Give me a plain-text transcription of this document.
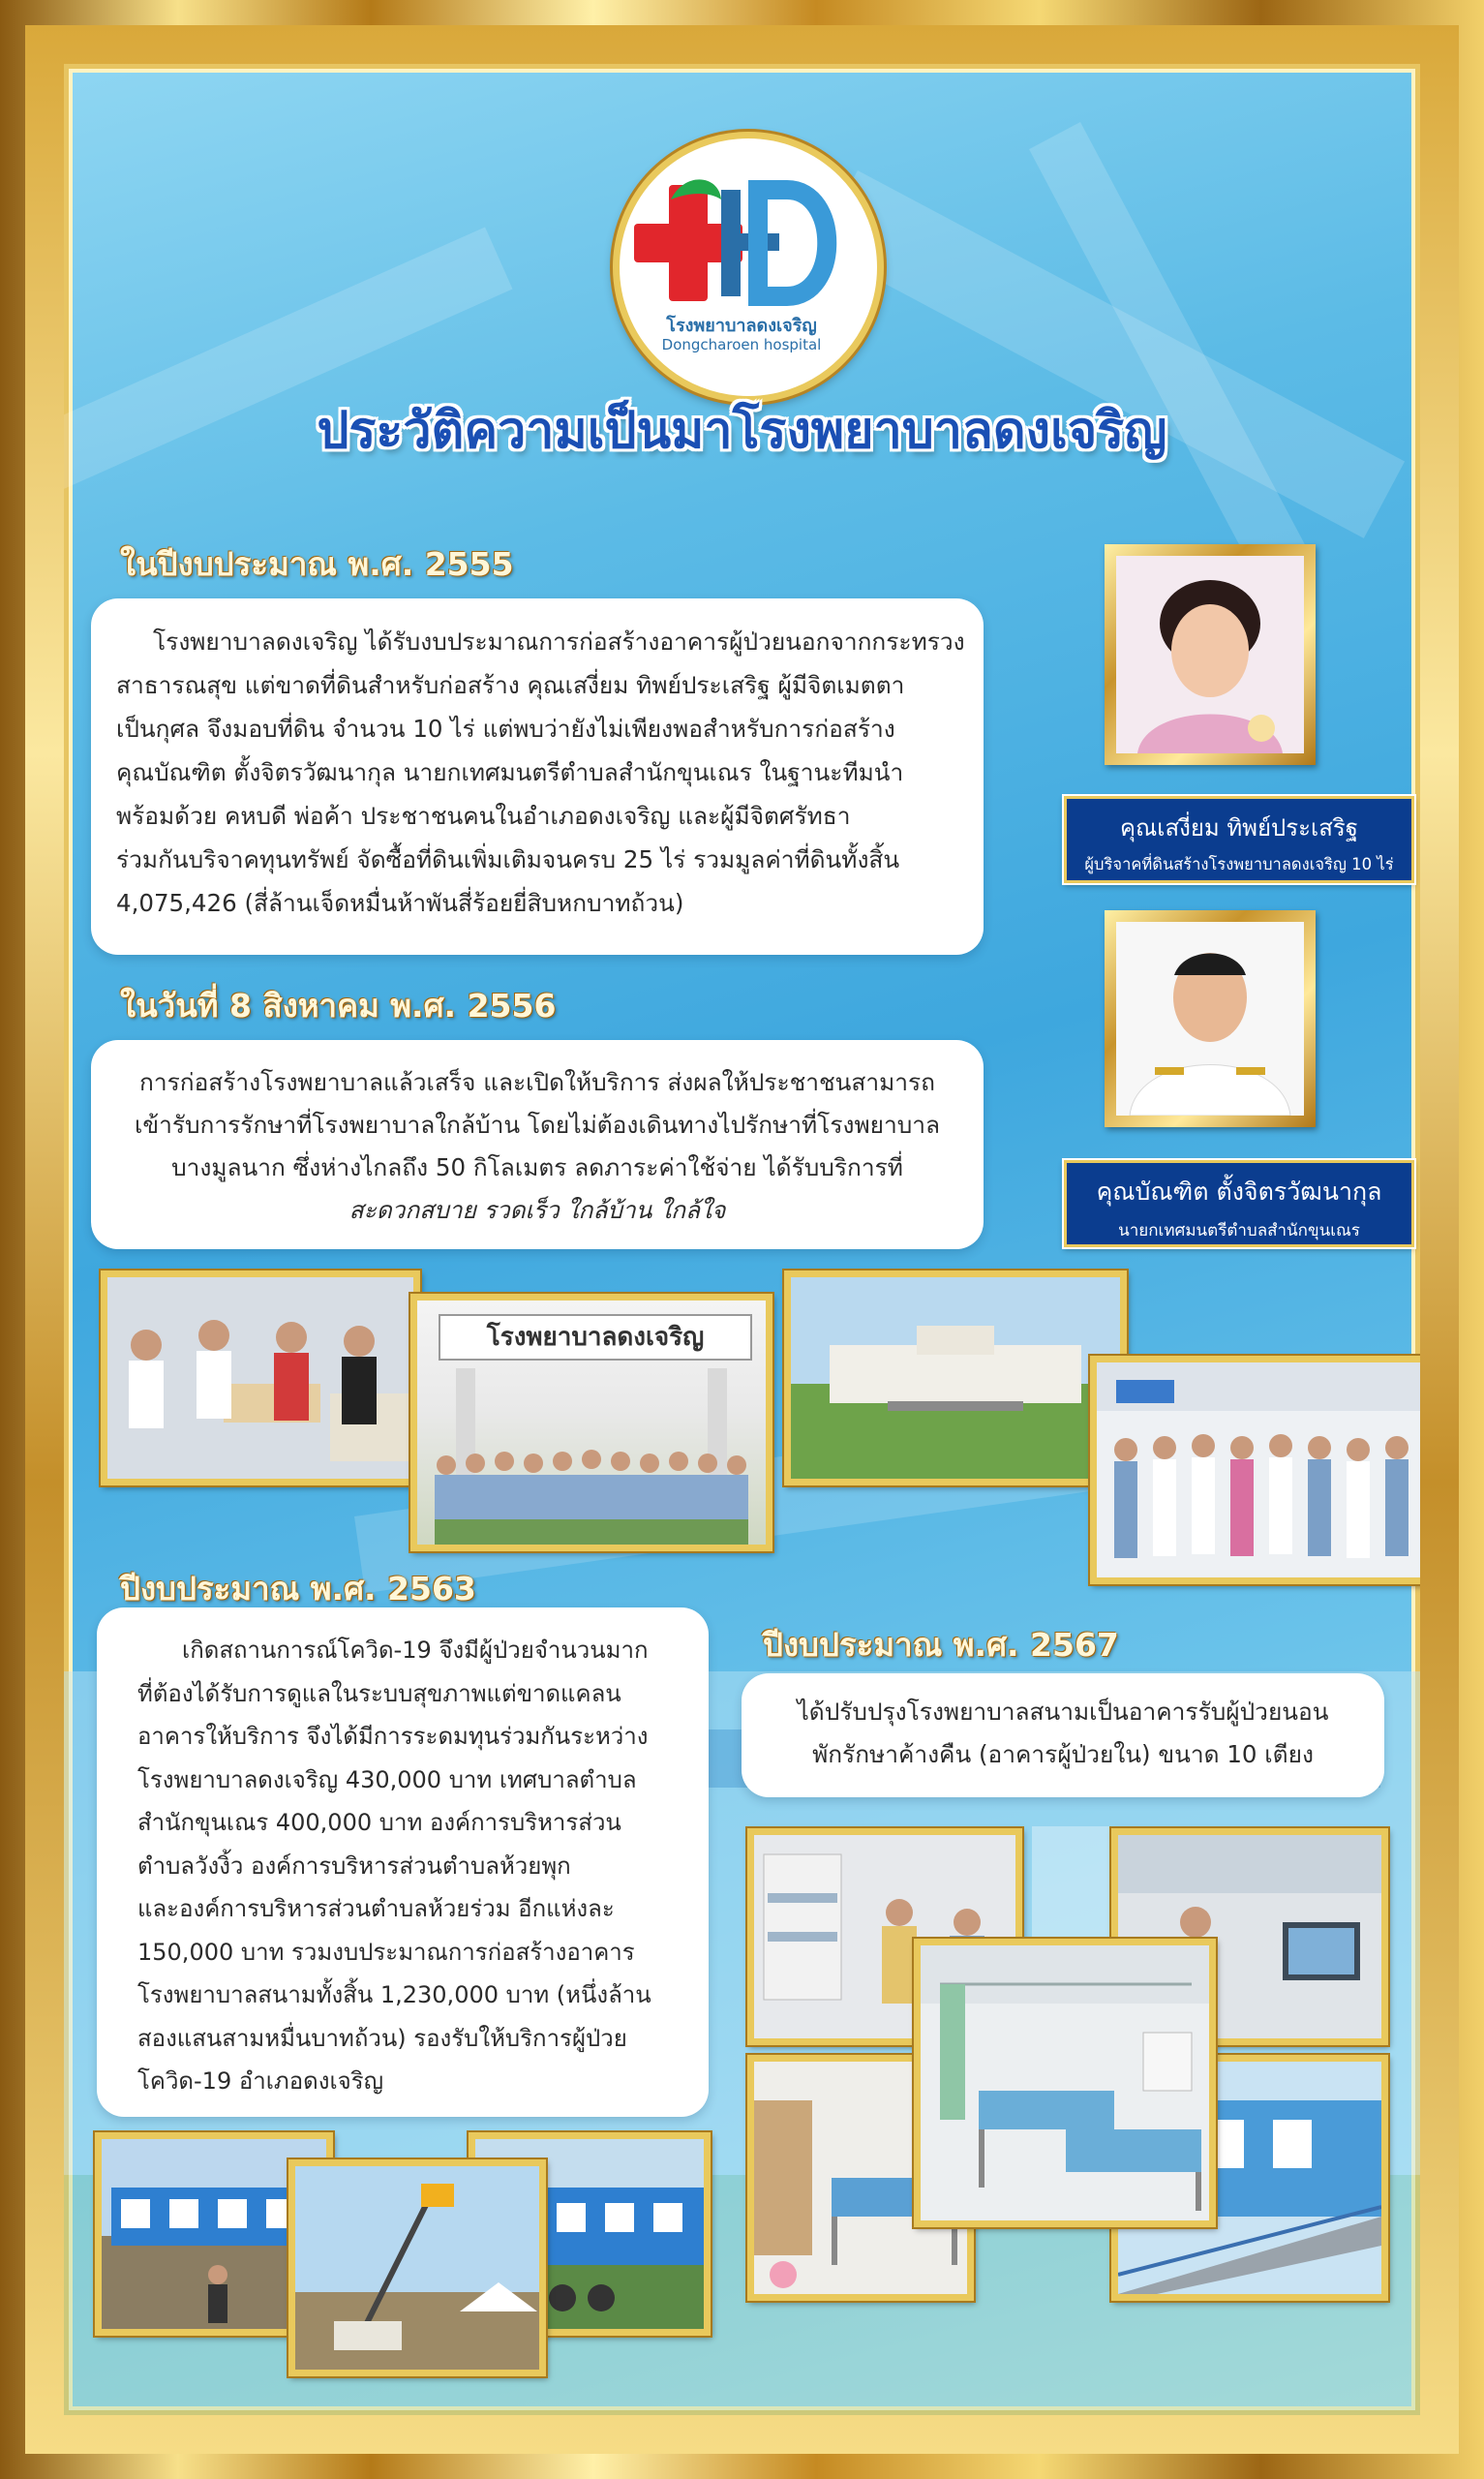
โรงพยาบาลดงเจริญ
Dongcharoen hospital
ประวัติความเป็นมาโรงพยาบาลดงเจริญ
ในปีงบประมาณ พ.ศ. 2555

โรงพยาบาลดงเจริญ ได้รับงบประมาณการก่อสร้างอาคารผู้ป่วยนอกจากกระทรวง

สาธารณสุข แต่ขาดที่ดินสำหรับก่อสร้าง คุณเสงี่ยม ทิพย์ประเสริฐ ผู้มีจิตเมตตา

เป็นกุศล จึงมอบที่ดิน จำนวน 10 ไร่ แต่พบว่ายังไม่เพียงพอสำหรับการก่อสร้าง

คุณบัณฑิต ตั้งจิตรวัฒนากุล นายกเทศมนตรีตำบลสำนักขุนเณร ในฐานะทีมนำ

พร้อมด้วย คหบดี พ่อค้า ประชาชนคนในอำเภอดงเจริญ และผู้มีจิตศรัทธา

ร่วมกันบริจาคทุนทรัพย์ จัดซื้อที่ดินเพิ่มเติมจนครบ 25 ไร่ รวมมูลค่าที่ดินทั้งสิ้น

4,075,426 (สี่ล้านเจ็ดหมื่นห้าพันสี่ร้อยยี่สิบหกบาทถ้วน)

คุณเสงี่ยม ทิพย์ประเสริฐ
ผู้บริจาคที่ดินสร้างโรงพยาบาลดงเจริญ 10 ไร่
ในวันที่ 8 สิงหาคม พ.ศ. 2556

การก่อสร้างโรงพยาบาลแล้วเสร็จ และเปิดให้บริการ ส่งผลให้ประชาชนสามารถ

เข้ารับการรักษาที่โรงพยาบาลใกล้บ้าน โดยไม่ต้องเดินทางไปรักษาที่โรงพยาบาล

บางมูลนาก ซึ่งห่างไกลถึง 50 กิโลเมตร ลดภาระค่าใช้จ่าย ได้รับบริการที่

สะดวกสบาย รวดเร็ว ใกล้บ้าน ใกล้ใจ

คุณบัณฑิต ตั้งจิตรวัฒนากุล
นายกเทศมนตรีตำบลสำนักขุนเณร
โรงพยาบาลดงเจริญ
ปีงบประมาณ พ.ศ. 2563

เกิดสถานการณ์โควิด-19 จึงมีผู้ป่วยจำนวนมาก

ที่ต้องได้รับการดูแลในระบบสุขภาพแต่ขาดแคลน

อาคารให้บริการ จึงได้มีการระดมทุนร่วมกันระหว่าง

โรงพยาบาลดงเจริญ 430,000 บาท เทศบาลตำบล

สำนักขุนเณร 400,000 บาท องค์การบริหารส่วน

ตำบลวังงิ้ว องค์การบริหารส่วนตำบลห้วยพุก

และองค์การบริหารส่วนตำบลห้วยร่วม อีกแห่งละ

150,000 บาท รวมงบประมาณการก่อสร้างอาคาร

โรงพยาบาลสนามทั้งสิ้น 1,230,000 บาท (หนึ่งล้าน

สองแสนสามหมื่นบาทถ้วน) รองรับให้บริการผู้ป่วย

โควิด-19 อำเภอดงเจริญ

ปีงบประมาณ พ.ศ. 2567

ได้ปรับปรุงโรงพยาบาลสนามเป็นอาคารรับผู้ป่วยนอน

พักรักษาค้างคืน (อาคารผู้ป่วยใน) ขนาด 10 เตียง
